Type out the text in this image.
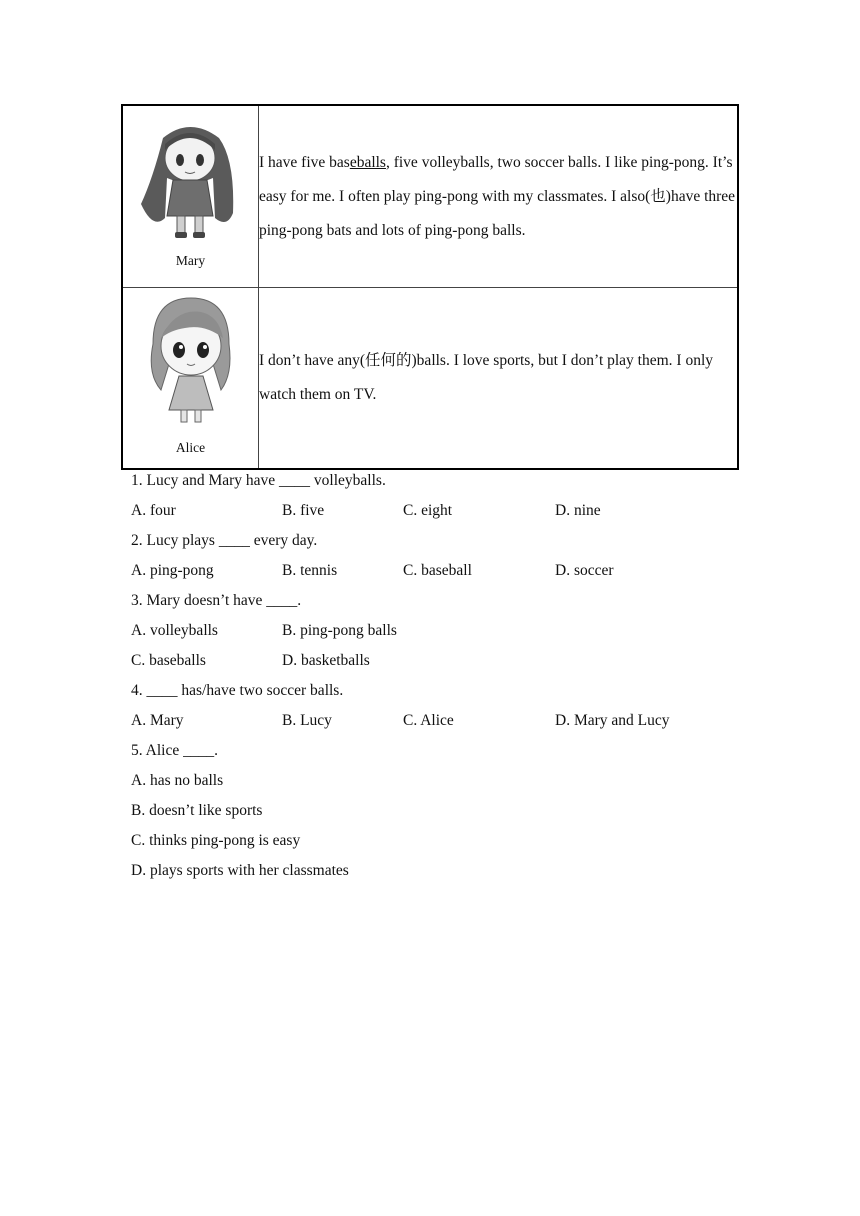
Mary	I have five baseballs, five volleyballs, two soccer balls. I like ping-pong. It’s easy for me. I often play ping-pong with my classmates. I also(也)have three ping-pong bats and lots of ping-pong balls.

Alice	I don’t have any(任何的)balls. I love sports, but I don’t play them. I only watch them on TV.
1. Lucy and Mary have ____ volleyballs.
A. four	B. five	C. eight	D. nine
2. Lucy plays ____ every day.
A. ping-pong	B. tennis	C. baseball	D. soccer
3. Mary doesn’t have ____.
A. volleyballs	B. ping-pong balls
C. baseballs	D. basketballs
4. ____ has/have two soccer balls.
A. Mary	B. Lucy	C. Alice	D. Mary and Lucy
5. Alice ____.
A. has no balls
B. doesn’t like sports
C. thinks ping-pong is easy
D. plays sports with her classmates
